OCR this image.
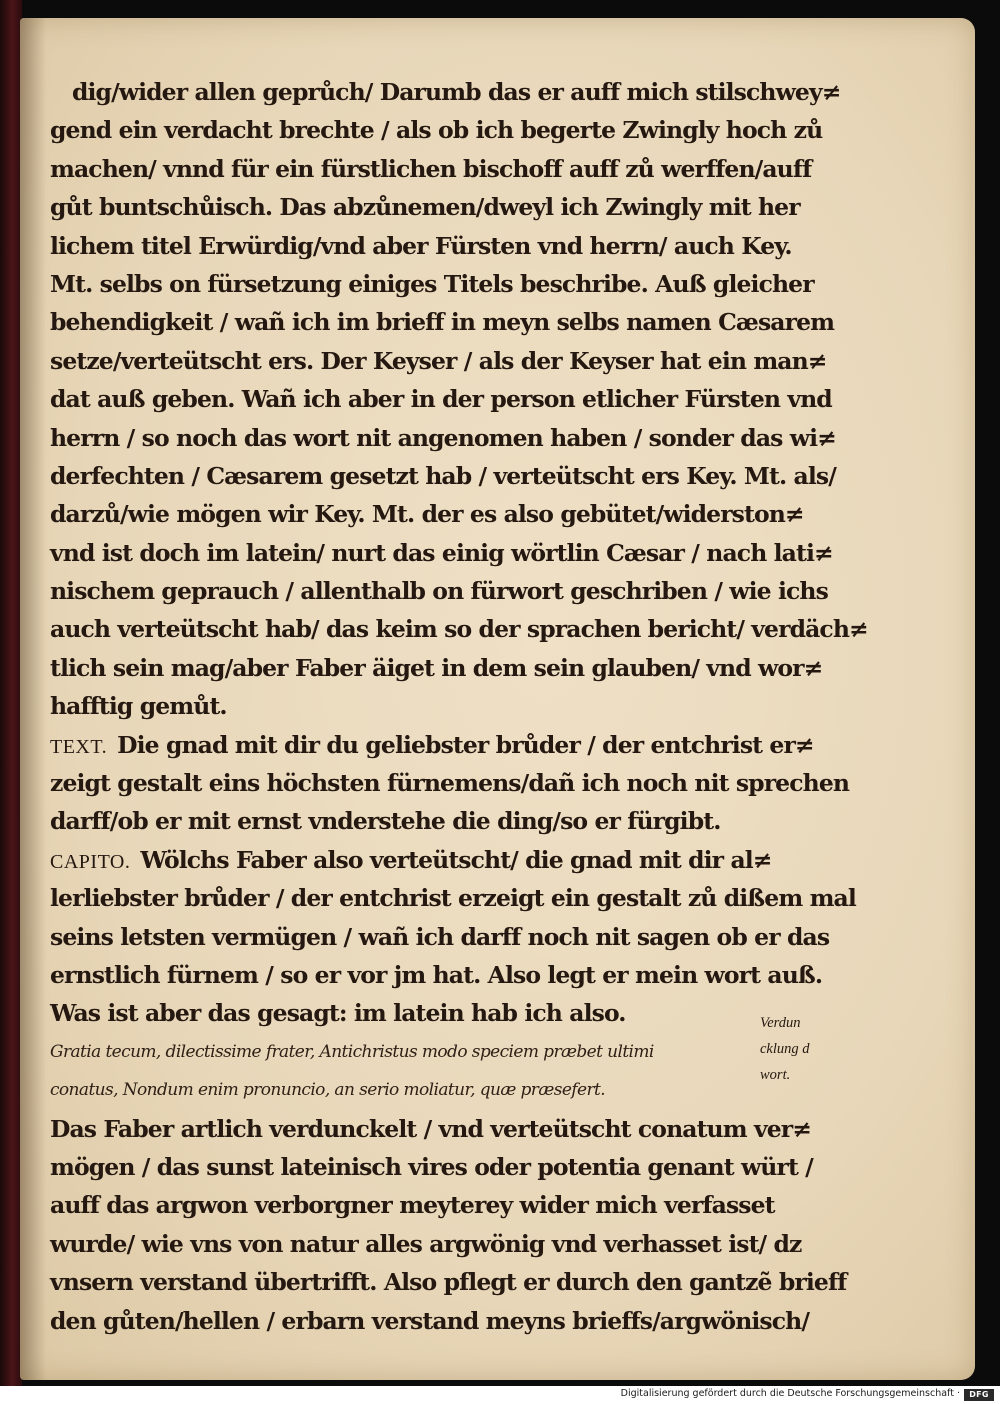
dig/wider allen geprůch/ Darumb das er auff mich stilschwey≠
gend ein verdacht brechte / als ob ich begerte Zwingly hoch zů
machen/ vnnd für ein fürstlichen bischoff auff zů werffen/auff
gůt buntschůisch. Das abzůnemen/dweyl ich Zwingly mit her
lichem titel Erwürdig/vnd aber Fürsten vnd herrn/ auch Key.
Mt. selbs on fürsetzung einiges Titels beschribe. Auß gleicher
behendigkeit / wañ ich im brieff in meyn selbs namen Cæsarem
setze/verteütscht ers. Der Keyser / als der Keyser hat ein man≠
dat auß geben. Wañ ich aber in der person etlicher Fürsten vnd
herrn / so noch das wort nit angenomen haben / sonder das wi≠
derfechten / Cæsarem gesetzt hab / verteütscht ers Key. Mt. als/
darzů/wie mögen wir Key. Mt. der es also gebütet/widerston≠
vnd ist doch im latein/ nurt das einig wörtlin Cæsar / nach lati≠
nischem geprauch / allenthalb on fürwort geschriben / wie ichs
auch verteütscht hab/ das keim so der sprachen bericht/ verdäch≠
tlich sein mag/aber Faber äiget in dem sein glauben/ vnd wor≠
hafftig gemůt.
TEXT. Die gnad mit dir du geliebster brůder / der entchrist er≠
zeigt gestalt eins höchsten fürnemens/dañ ich noch nit sprechen
darff/ob er mit ernst vnderstehe die ding/so er fürgibt.
CAPITO. Wölchs Faber also verteütscht/ die gnad mit dir al≠
lerliebster brůder / der entchrist erzeigt ein gestalt zů dißem mal
seins letsten vermügen / wañ ich darff noch nit sagen ob er das
ernstlich fürnem / so er vor jm hat. Also legt er mein wort auß.
Was ist aber das gesagt: im latein hab ich also.
Gratia tecum, dilectissime frater, Antichristus modo speciem præbet ultimi
conatus, Nondum enim pronuncio, an serio moliatur, quæ præsefert.
Das Faber artlich verdunckelt / vnd verteütscht conatum ver≠
mögen / das sunst lateinisch vires oder potentia genant würt /
auff das argwon verborgner meyterey wider mich verfasset
wurde/ wie vns von natur alles argwönig vnd verhasset ist/ dz
vnsern verstand übertrifft. Also pflegt er durch den gantzẽ brieff
den gůten/hellen / erbarn verstand meyns brieffs/argwönisch/
Verdun
cklung d
wort.
Digitalisierung gefördert durch die Deutsche Forschungsgemeinschaft ·	DFG
